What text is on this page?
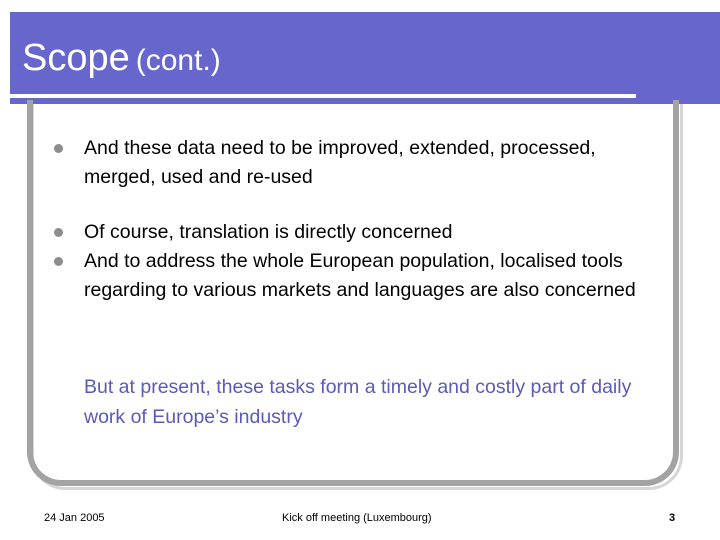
Scope (cont.)
And these data need to be improved, extended, processed, merged, used and re-used
Of course, translation is directly concerned
And to address the whole European population, localised tools regarding to various markets and languages are also concerned
But at present, these tasks form a timely and costly part of daily work of Europe’s industry
24 Jan 2005	Kick off meeting (Luxembourg)	3
